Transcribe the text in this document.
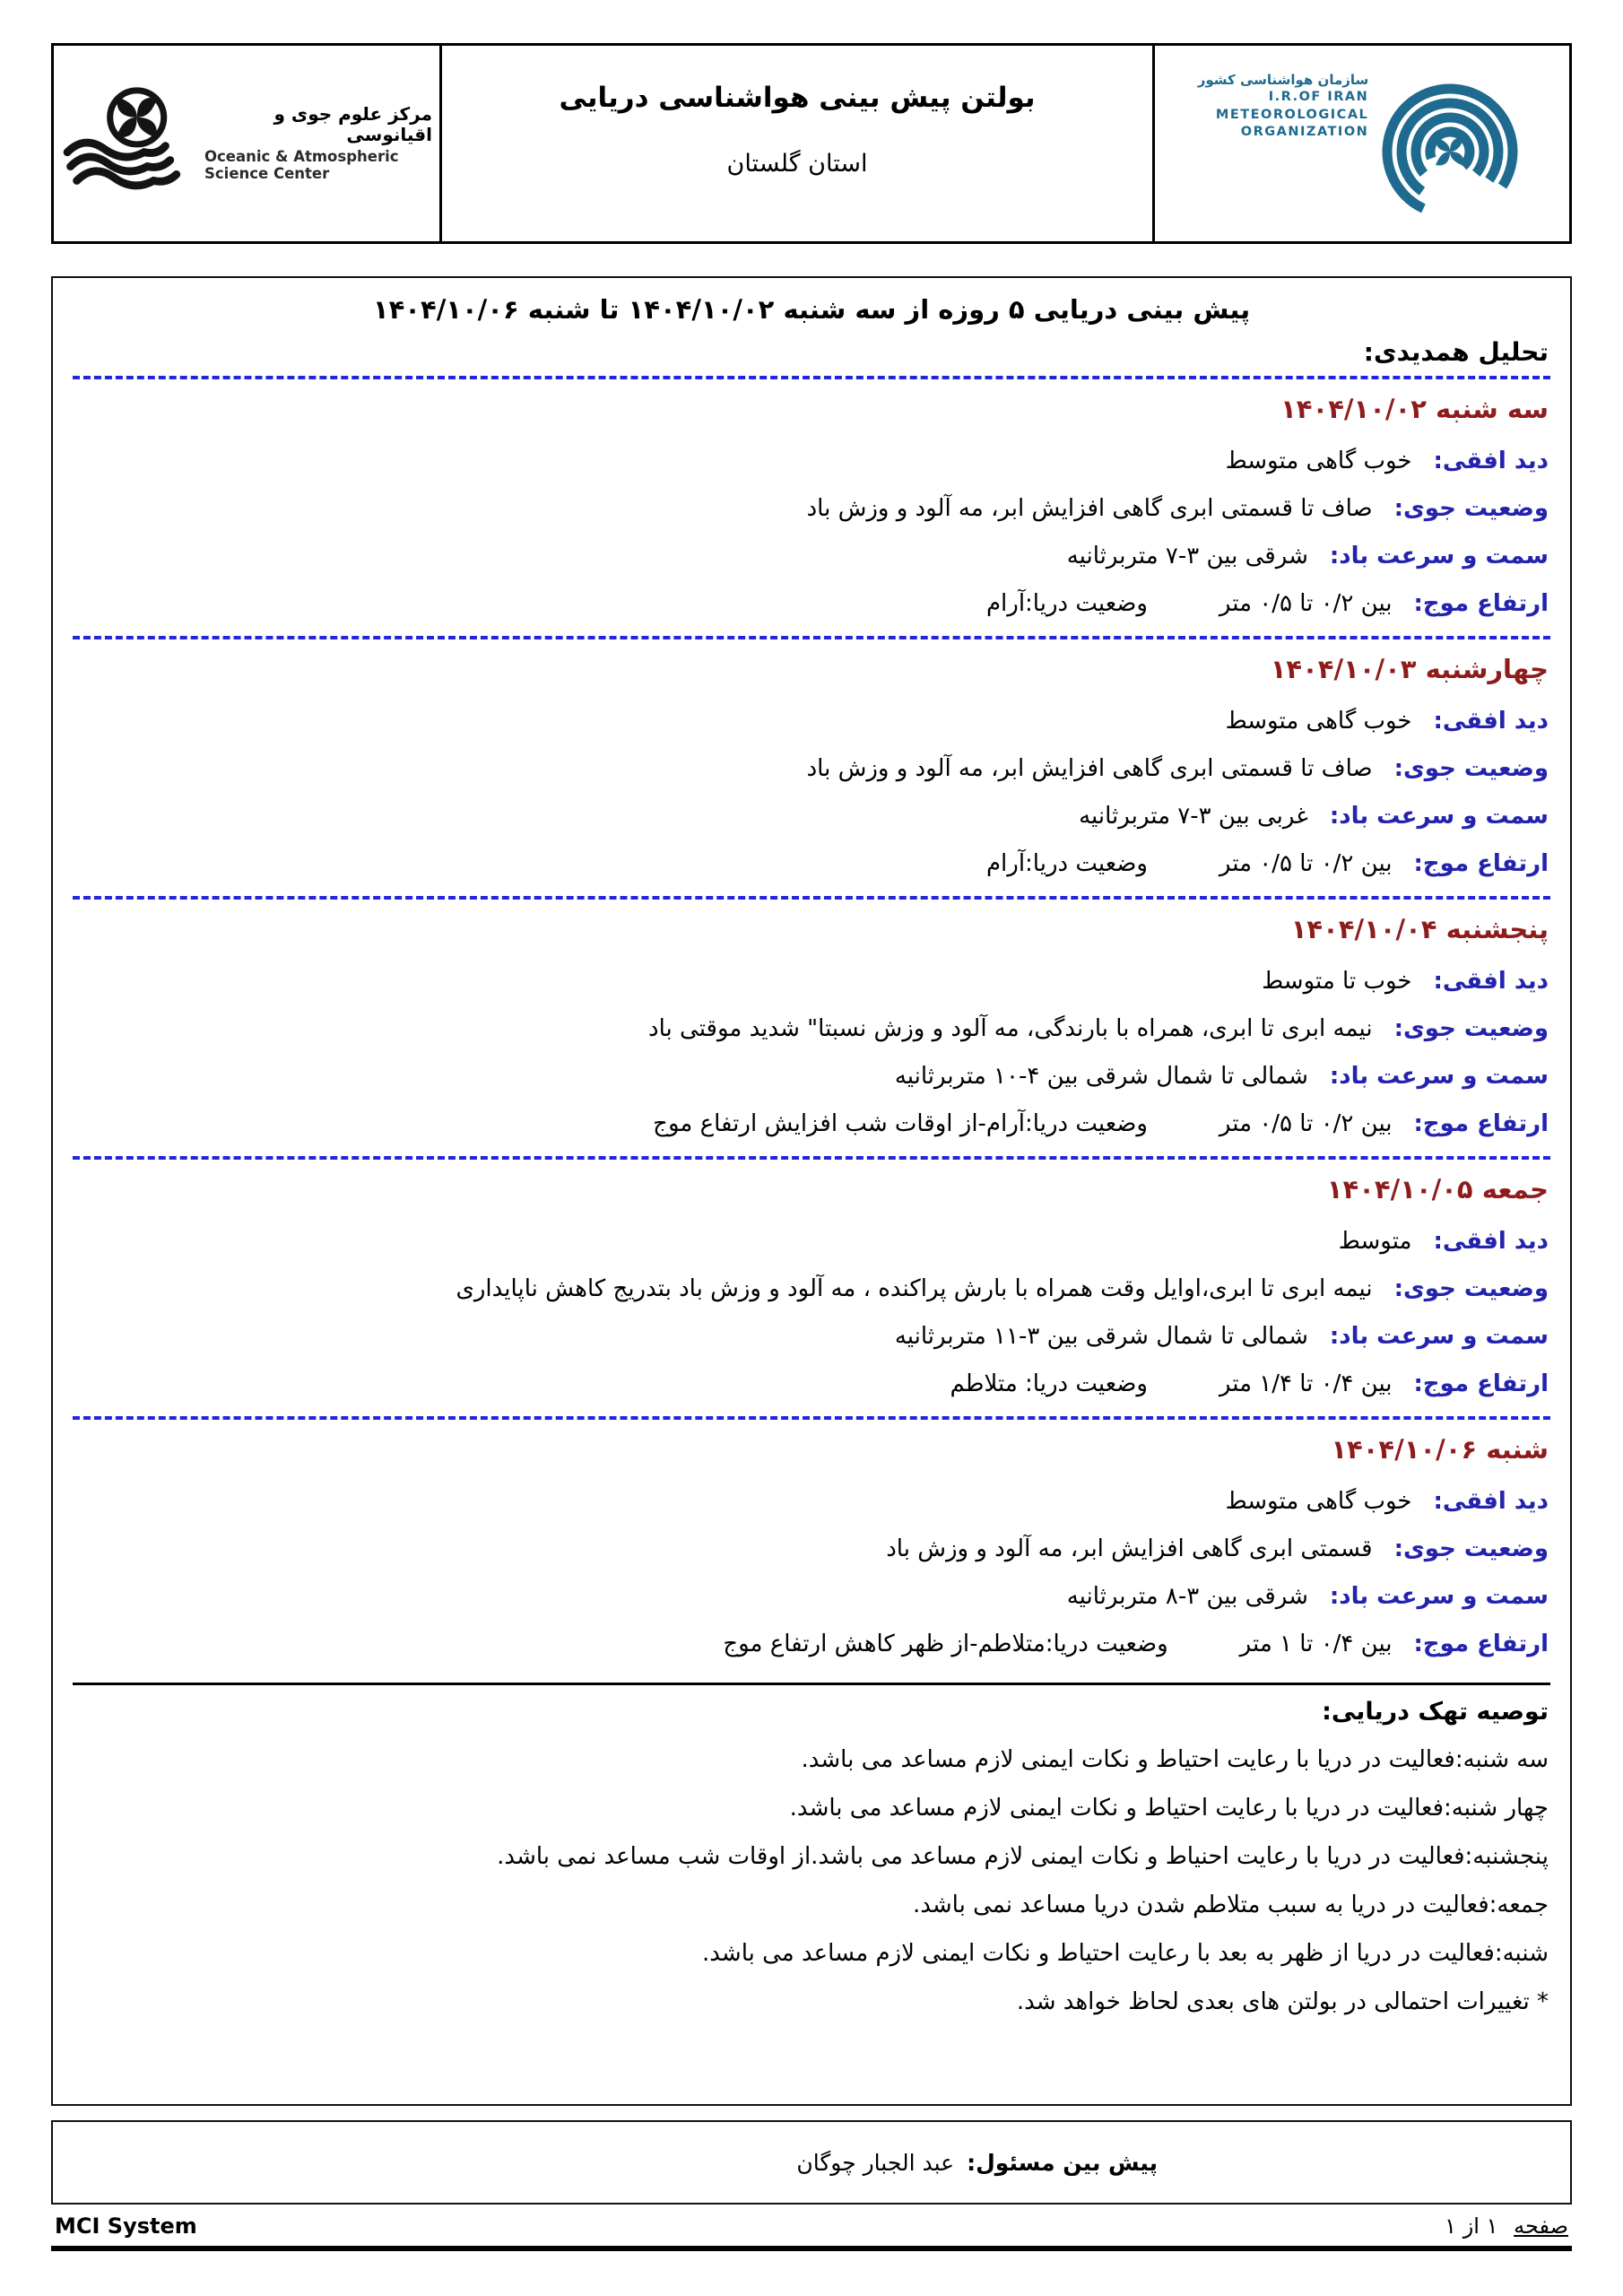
مرکز علوم جوی و اقیانوسی
Oceanic & Atmospheric
Science Center
بولتن پیش بینی هواشناسی دریایی
استان گلستان
سازمان هواشناسی کشور
I.R.OF IRAN
METEOROLOGICAL
ORGANIZATION
پیش بینی دریایی ۵ روزه از سه شنبه ۱۴۰۴/۱۰/۰۲ تا شنبه ۱۴۰۴/۱۰/۰۶
تحلیل همدیدی:
سه شنبه ۱۴۰۴/۱۰/۰۲
دید افقی:
خوب گاهی متوسط
وضعیت جوی:
صاف تا قسمتی ابری گاهی افزایش ابر، مه آلود و وزش باد
سمت و سرعت باد:
شرقی بین ۳-۷ متربرثانیه
ارتفاع موج:
بین ۰/۲ تا ۰/۵ متر
وضعیت دریا:آرام
چهارشنبه ۱۴۰۴/۱۰/۰۳
دید افقی:
خوب گاهی متوسط
وضعیت جوی:
صاف تا قسمتی ابری گاهی افزایش ابر، مه آلود و وزش باد
سمت و سرعت باد:
غربی بین ۳-۷ متربرثانیه
ارتفاع موج:
بین ۰/۲ تا ۰/۵ متر
وضعیت دریا:آرام
پنجشنبه ۱۴۰۴/۱۰/۰۴
دید افقی:
خوب تا متوسط
وضعیت جوی:
نیمه ابری تا ابری، همراه با بارندگی، مه آلود و وزش نسبتا" شدید موقتی باد
سمت و سرعت باد:
شمالی تا شمال شرقی بین ۴-۱۰ متربرثانیه
ارتفاع موج:
بین ۰/۲ تا ۰/۵ متر
وضعیت دریا:آرام-از اوقات شب افزایش ارتفاع موج
جمعه ۱۴۰۴/۱۰/۰۵
دید افقی:
متوسط
وضعیت جوی:
نیمه ابری تا ابری،اوایل وقت همراه با بارش پراکنده ، مه آلود و وزش باد بتدریج کاهش ناپایداری
سمت و سرعت باد:
شمالی تا شمال شرقی بین ۳-۱۱ متربرثانیه
ارتفاع موج:
بین ۰/۴ تا ۱/۴ متر
وضعیت دریا: متلاطم
شنبه ۱۴۰۴/۱۰/۰۶
دید افقی:
خوب گاهی متوسط
وضعیت جوی:
قسمتی ابری گاهی افزایش ابر، مه آلود و وزش باد
سمت و سرعت باد:
شرقی بین ۳-۸ متربرثانیه
ارتفاع موج:
بین ۰/۴ تا ۱ متر
وضعیت دریا:متلاطم-از ظهر کاهش ارتفاع موج
توصیه تهک دریایی:
سه شنبه:فعالیت در دریا با رعایت احتیاط و نکات ایمنی لازم مساعد می باشد.
چهار شنبه:فعالیت در دریا با رعایت احتیاط و نکات ایمنی لازم مساعد می باشد.
پنجشنبه:فعالیت در دریا با رعایت احنیاط و نکات ایمنی لازم مساعد می باشد.از اوقات شب مساعد نمی باشد.
جمعه:فعالیت در دریا به سبب متلاطم شدن دریا مساعد نمی باشد.
شنبه:فعالیت در دریا از ظهر به بعد با رعایت احتیاط و نکات ایمنی لازم مساعد می باشد.
* تغییرات احتمالی در بولتن های بعدی لحاظ خواهد شد.
پیش بین مسئول:
عبد الجبار چوگان
MCI System	صفحه ۱ از ۱
